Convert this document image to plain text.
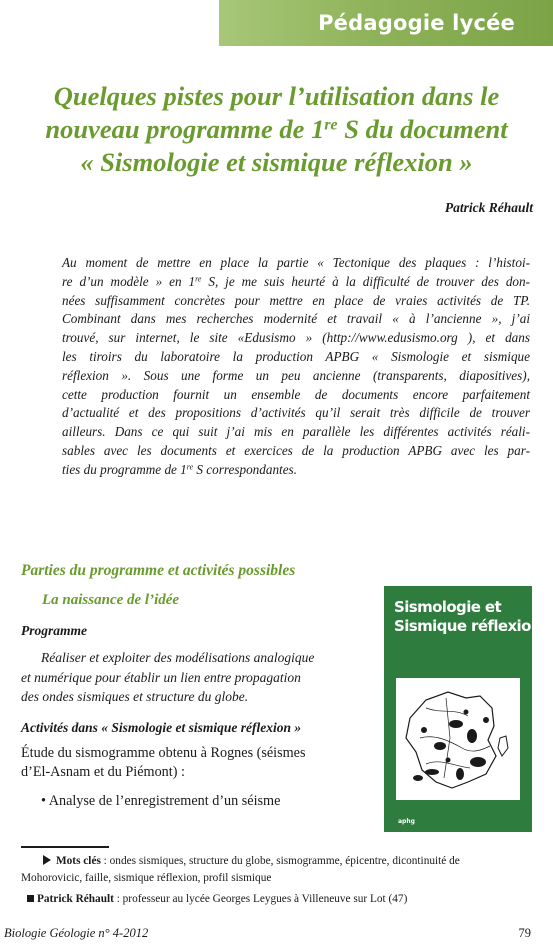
Pédagogie lycée
Quelques pistes pour l’utilisation dans le
nouveau programme de 1re S du document
« Sismologie et sismique réflexion »
Patrick Réhault
Au moment de mettre en place la partie « Tectonique des plaques : l’histoi-
re d’un modèle » en 1re S, je me suis heurté à la difficulté de trouver des don-
nées suffisamment concrètes pour mettre en place de vraies activités de TP.
Combinant dans mes recherches modernité et travail « à l’ancienne », j’ai
trouvé, sur internet, le site «Edusismo » (http://www.edusismo.org ), et dans
les tiroirs du laboratoire la production APBG « Sismologie et sismique
réflexion ». Sous une forme un peu ancienne (transparents, diapositives),
cette production fournit un ensemble de documents encore parfaitement
d’actualité et des propositions d’activités qu’il serait très difficile de trouver
ailleurs. Dans ce qui suit j’ai mis en parallèle les différentes activités réali-
sables avec les documents et exercices de la production APBG avec les par-
ties du programme de 1re S correspondantes.
Parties du programme et activités possibles
La naissance de l’idée
Programme
Réaliser et exploiter des modélisations analogique
et numérique pour établir un lien entre propagation
des ondes sismiques et structure du globe.
Activités dans « Sismologie et sismique réflexion »
Étude du sismogramme obtenu à Rognes (séismes
d’El-Asnam et du Piémont) :
• Analyse de l’enregistrement d’un séisme
Sismologie et
Sismique réflexion
aphg
Mots clés : ondes sismiques, structure du globe, sismogramme, épicentre, dicontinuité de
Mohorovicic, faille, sismique réflexion, profil sismique
Patrick Réhault : professeur au lycée Georges Leygues à Villeneuve sur Lot (47)
Biologie Géologie n° 4-2012	79
